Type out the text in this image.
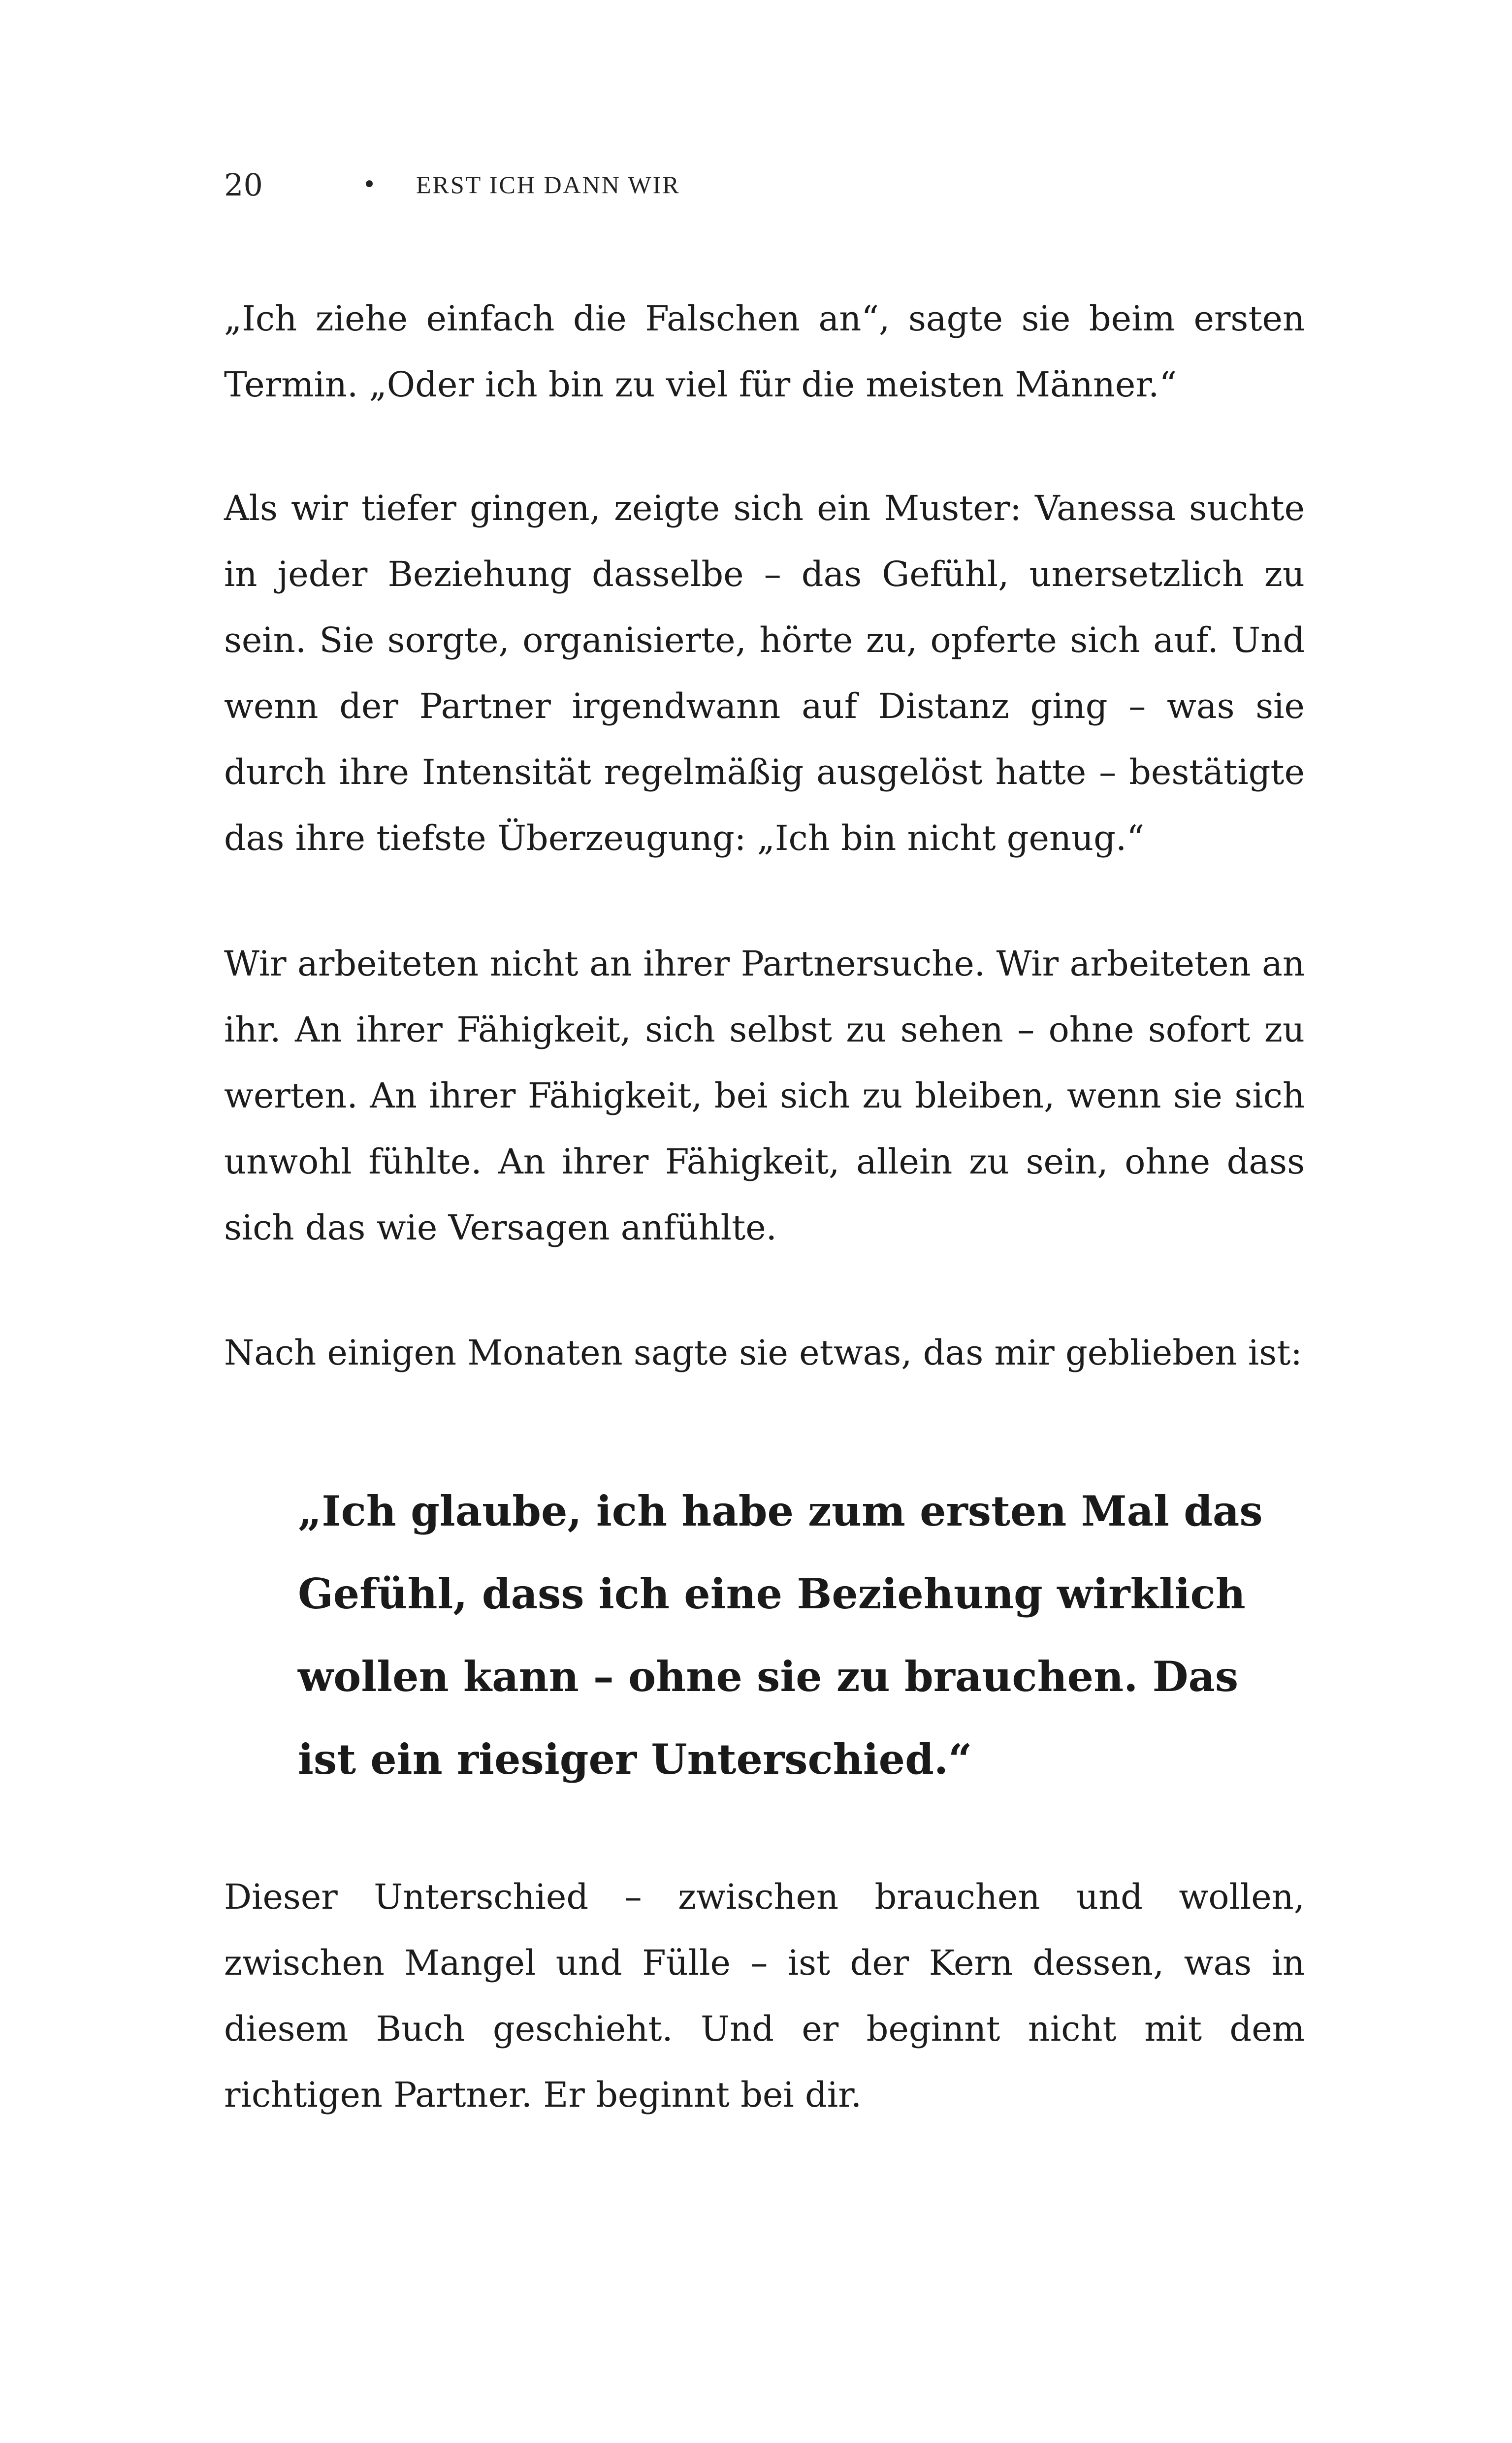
20	•	ERST ICH DANN WIR

„Ich ziehe einfach die Falschen an“, sagte sie beim ersten Termin. „Oder ich bin zu viel für die meisten Männer.“

Als wir tiefer gingen, zeigte sich ein Muster: Vanessa suchte in jeder Beziehung dasselbe – das Gefühl, unersetzlich zu sein. Sie sorgte, organisierte, hörte zu, opferte sich auf. Und wenn der Partner irgendwann auf Distanz ging – was sie durch ihre Intensität regelmäßig ausgelöst hatte – bestätigte das ihre tiefste Überzeugung: „Ich bin nicht genug.“

Wir arbeiteten nicht an ihrer Partnersuche. Wir arbeiteten an ihr. An ihrer Fähigkeit, sich selbst zu sehen – ohne sofort zu werten. An ihrer Fähigkeit, bei sich zu bleiben, wenn sie sich unwohl fühlte. An ihrer Fähigkeit, allein zu sein, ohne dass sich das wie Versagen anfühlte.

Nach einigen Monaten sagte sie etwas, das mir geblieben ist:

„Ich glaube, ich habe zum ersten Mal das Gefühl, dass ich eine Beziehung wirklich wollen kann – ohne sie zu brauchen. Das ist ein riesiger Unterschied.“

Dieser Unterschied – zwischen brauchen und wollen, zwischen Mangel und Fülle – ist der Kern dessen, was in diesem Buch geschieht. Und er beginnt nicht mit dem richtigen Partner. Er beginnt bei dir.
